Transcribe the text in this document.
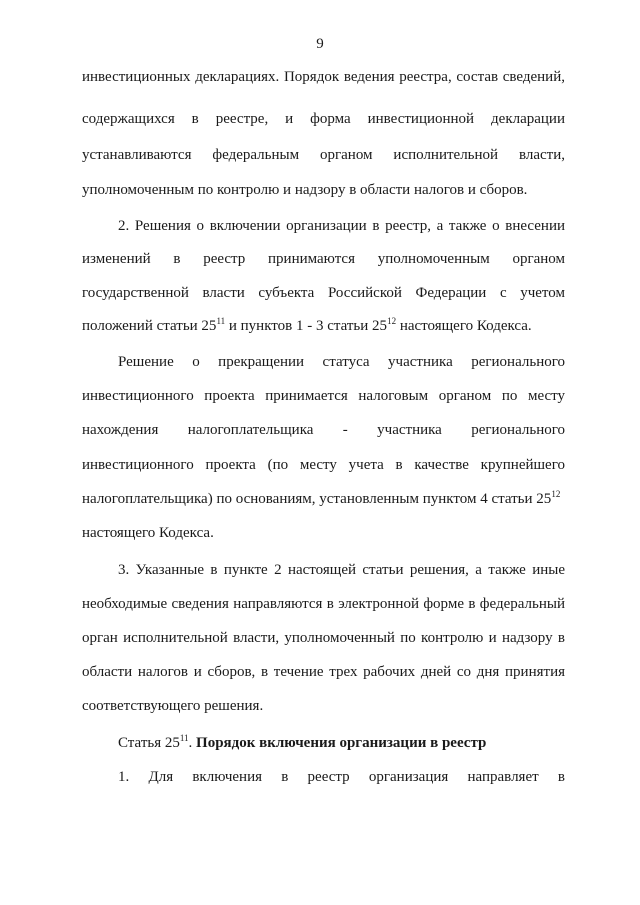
9
инвестиционных декларациях. Порядок ведения реестра, состав сведений,
содержащихся в реестре, и форма инвестиционной декларации
устанавливаются федеральным органом исполнительной власти,
уполномоченным по контролю и надзору в области налогов и сборов.
2. Решения о включении организации в реестр, а также о внесении
изменений в реестр принимаются уполномоченным органом
государственной власти субъекта Российской Федерации с учетом
положений статьи $25^{11}$ и пунктов 1 - 3 статьи $25^{12}$ настоящего Кодекса.
Решение о прекращении статуса участника регионального
инвестиционного проекта принимается налоговым органом по месту
нахождения налогоплательщика - участника регионального
инвестиционного проекта (по месту учета в качестве крупнейшего
налогоплательщика) по основаниям, установленным пунктом 4 статьи $25^{12}$
настоящего Кодекса.
3. Указанные в пункте 2 настоящей статьи решения, а также иные
необходимые сведения направляются в электронной форме в федеральный
орган исполнительной власти, уполномоченный по контролю и надзору в
области налогов и сборов, в течение трех рабочих дней со дня принятия
соответствующего решения.
Статья $25^{11}$. Порядок включения организации в реестр
1. Для включения в реестр организация направляет в
